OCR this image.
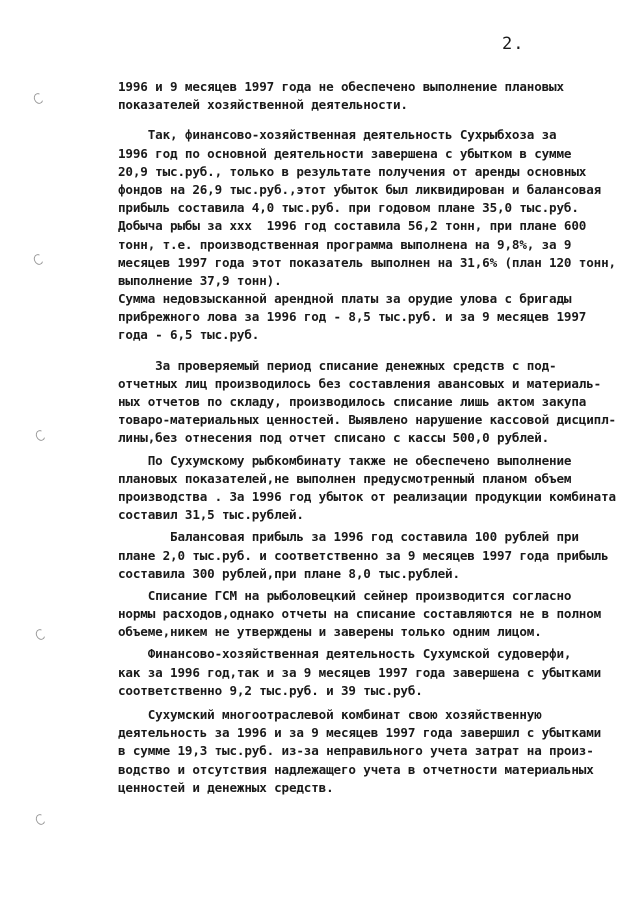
2.
1996 и 9 месяцев 1997 года не обеспечено выполнение плановых
показателей хозяйственной деятельности.
Так, финансово-хозяйственная деятельность Сухрыбхоза за
1996 год по основной деятельности завершена с убытком в сумме
20,9 тыс.руб., только в результате получения от аренды основных
фондов на 26,9 тыс.руб.,этот убыток был ликвидирован и балансовая
прибыль составила 4,0 тыс.руб. при годовом плане 35,0 тыс.руб.
Добыча рыбы за ххх  1996 год составила 56,2 тонн, при плане 600
тонн, т.е. производственная программа выполнена на 9,8%, за 9
месяцев 1997 года этот показатель выполнен на 31,6% (план 120 тонн,
выполнение 37,9 тонн).
Сумма недовзысканной арендной платы за орудие улова с бригады
прибрежного лова за 1996 год - 8,5 тыс.руб. и за 9 месяцев 1997
года - 6,5 тыс.руб.
За проверяемый период списание денежных средств с под-
отчетных лиц производилось без составления авансовых и материаль-
ных отчетов по складу, производилось списание лишь актом закупа
товаро-материальных ценностей. Выявлено нарушение кассовой дисципл-
лины,без отнесения под отчет списано с кассы 500,0 рублей.
По Сухумскому рыбкомбинату также не обеспечено выполнение
плановых показателей,не выполнен предусмотренный планом объем
производства . За 1996 год убыток от реализации продукции комбината
составил 31,5 тыс.рублей.
Балансовая прибыль за 1996 год составила 100 рублей при
плане 2,0 тыс.руб. и соответственно за 9 месяцев 1997 года прибыль
составила 300 рублей,при плане 8,0 тыс.рублей.
Списание ГСМ на рыболовецкий сейнер производится согласно
нормы расходов,однако отчеты на списание составляются не в полном
объеме,никем не утверждены и заверены только одним лицом.
Финансово-хозяйственная деятельность Сухумской судоверфи,
как за 1996 год,так и за 9 месяцев 1997 года завершена с убытками
соответственно 9,2 тыс.руб. и 39 тыс.руб.
Сухумский многоотраслевой комбинат свою хозяйственную
деятельность за 1996 и за 9 месяцев 1997 года завершил с убытками
в сумме 19,3 тыс.руб. из-за неправильного учета затрат на произ-
водство и отсутствия надлежащего учета в отчетности материальных
ценностей и денежных средств.
